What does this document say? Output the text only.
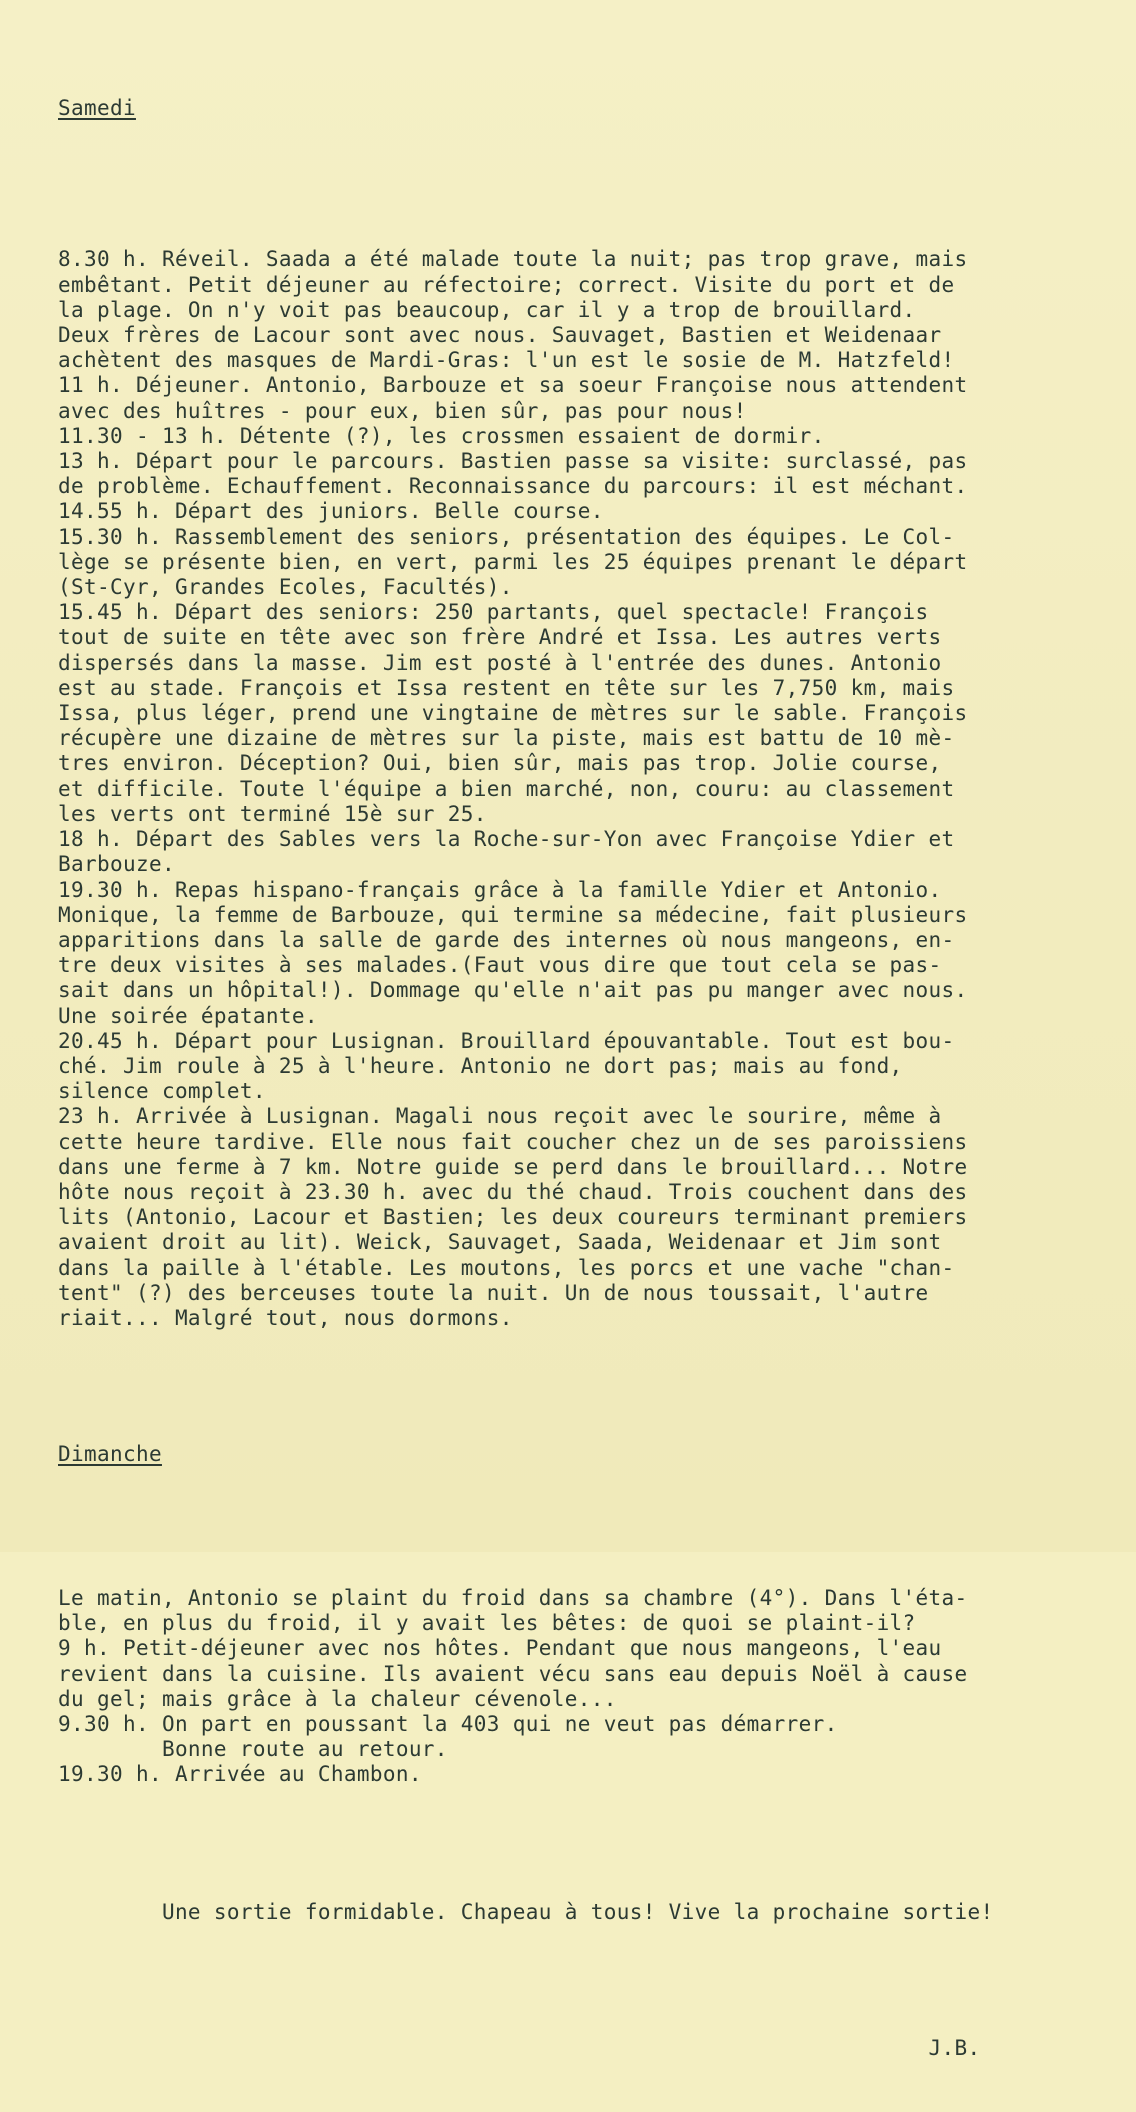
Samedi

8.30 h. Réveil. Saada a été malade toute la nuit; pas trop grave, mais
embêtant. Petit déjeuner au réfectoire; correct. Visite du port et de
la plage. On n'y voit pas beaucoup, car il y a trop de brouillard.
Deux frères de Lacour sont avec nous. Sauvaget, Bastien et Weidenaar
achètent des masques de Mardi-Gras: l'un est le sosie de M. Hatzfeld!
11 h. Déjeuner. Antonio, Barbouze et sa soeur Françoise nous attendent
avec des huîtres - pour eux, bien sûr, pas pour nous!
11.30 - 13 h. Détente (?), les crossmen essaient de dormir.
13 h. Départ pour le parcours. Bastien passe sa visite: surclassé, pas
de problème. Echauffement. Reconnaissance du parcours: il est méchant.
14.55 h. Départ des juniors. Belle course.
15.30 h. Rassemblement des seniors, présentation des équipes. Le Col-
lège se présente bien, en vert, parmi les 25 équipes prenant le départ
(St-Cyr, Grandes Ecoles, Facultés).
15.45 h. Départ des seniors: 250 partants, quel spectacle! François
tout de suite en tête avec son frère André et Issa. Les autres verts
dispersés dans la masse. Jim est posté à l'entrée des dunes. Antonio
est au stade. François et Issa restent en tête sur les 7,750 km, mais
Issa, plus léger, prend une vingtaine de mètres sur le sable. François
récupère une dizaine de mètres sur la piste, mais est battu de 10 mè-
tres environ. Déception? Oui, bien sûr, mais pas trop. Jolie course,
et difficile. Toute l'équipe a bien marché, non, couru: au classement
les verts ont terminé 15è sur 25.
18 h. Départ des Sables vers la Roche-sur-Yon avec Françoise Ydier et
Barbouze.
19.30 h. Repas hispano-français grâce à la famille Ydier et Antonio.
Monique, la femme de Barbouze, qui termine sa médecine, fait plusieurs
apparitions dans la salle de garde des internes où nous mangeons, en-
tre deux visites à ses malades.(Faut vous dire que tout cela se pas-
sait dans un hôpital!). Dommage qu'elle n'ait pas pu manger avec nous.
Une soirée épatante.
20.45 h. Départ pour Lusignan. Brouillard épouvantable. Tout est bou-
ché. Jim roule à 25 à l'heure. Antonio ne dort pas; mais au fond,
silence complet.
23 h. Arrivée à Lusignan. Magali nous reçoit avec le sourire, même à
cette heure tardive. Elle nous fait coucher chez un de ses paroissiens
dans une ferme à 7 km. Notre guide se perd dans le brouillard... Notre
hôte nous reçoit à 23.30 h. avec du thé chaud. Trois couchent dans des
lits (Antonio, Lacour et Bastien; les deux coureurs terminant premiers
avaient droit au lit). Weick, Sauvaget, Saada, Weidenaar et Jim sont
dans la paille à l'étable. Les moutons, les porcs et une vache "chan-
tent" (?) des berceuses toute la nuit. Un de nous toussait, l'autre
riait... Malgré tout, nous dormons.

Dimanche

Le matin, Antonio se plaint du froid dans sa chambre (4°). Dans l'éta-
ble, en plus du froid, il y avait les bêtes: de quoi se plaint-il?
9 h. Petit-déjeuner avec nos hôtes. Pendant que nous mangeons, l'eau
revient dans la cuisine. Ils avaient vécu sans eau depuis Noël à cause
du gel; mais grâce à la chaleur cévenole...
9.30 h. On part en poussant la 403 qui ne veut pas démarrer.
Bonne route au retour.
19.30 h. Arrivée au Chambon.

Une sortie formidable. Chapeau à tous! Vive la prochaine sortie!

J.B.
